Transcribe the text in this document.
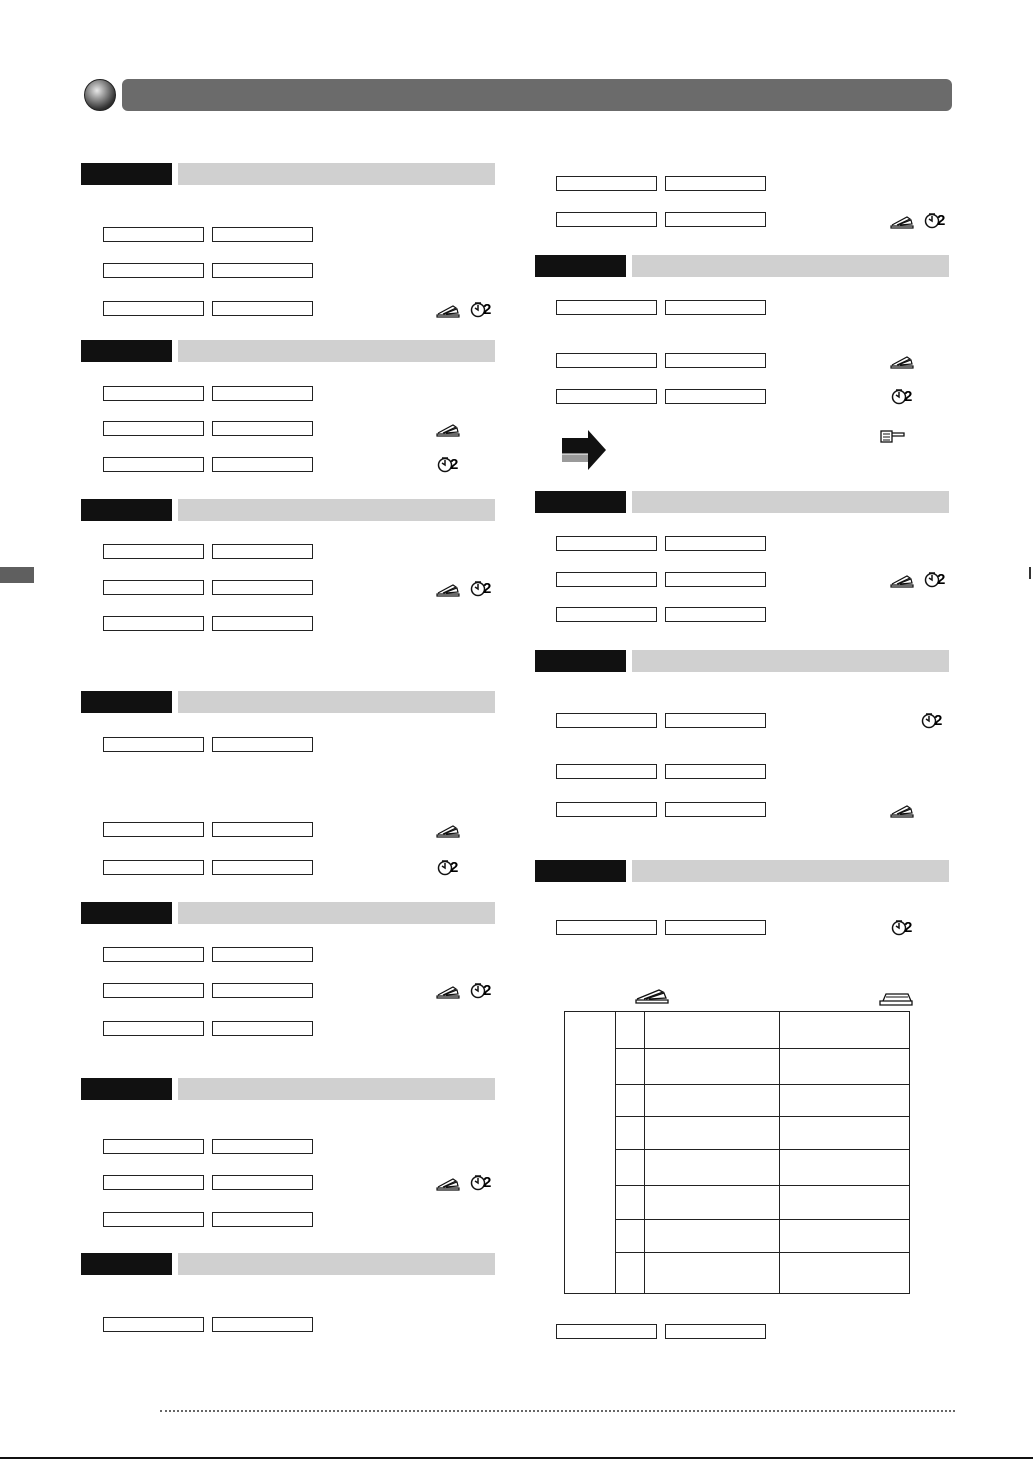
2
2
2
2
2
2
2
2
2
2
2
